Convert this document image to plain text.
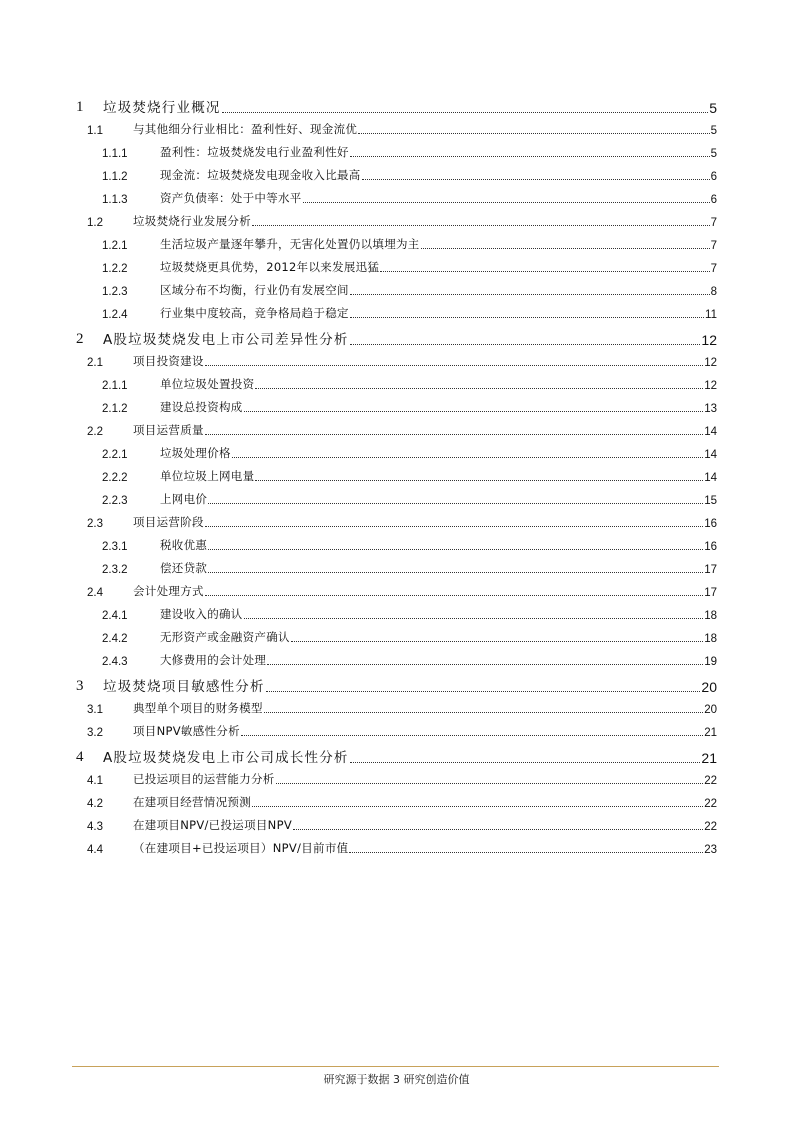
1	垃圾焚烧行业概况	5
1.1	与其他细分行业相比：盈利性好、现金流优	5
1.1.1	盈利性：垃圾焚烧发电行业盈利性好	5
1.1.2	现金流：垃圾焚烧发电现金收入比最高	6
1.1.3	资产负债率：处于中等水平	6
1.2	垃圾焚烧行业发展分析	7
1.2.1	生活垃圾产量逐年攀升，无害化处置仍以填埋为主	7
1.2.2	垃圾焚烧更具优势，2012年以来发展迅猛	7
1.2.3	区域分布不均衡，行业仍有发展空间	8
1.2.4	行业集中度较高，竞争格局趋于稳定	11
2	A股垃圾焚烧发电上市公司差异性分析	12
2.1	项目投资建设	12
2.1.1	单位垃圾处置投资	12
2.1.2	建设总投资构成	13
2.2	项目运营质量	14
2.2.1	垃圾处理价格	14
2.2.2	单位垃圾上网电量	14
2.2.3	上网电价	15
2.3	项目运营阶段	16
2.3.1	税收优惠	16
2.3.2	偿还贷款	17
2.4	会计处理方式	17
2.4.1	建设收入的确认	18
2.4.2	无形资产或金融资产确认	18
2.4.3	大修费用的会计处理	19
3	垃圾焚烧项目敏感性分析	20
3.1	典型单个项目的财务模型	20
3.2	项目NPV敏感性分析	21
4	A股垃圾焚烧发电上市公司成长性分析	21
4.1	已投运项目的运营能力分析	22
4.2	在建项目经营情况预测	22
4.3	在建项目NPV/已投运项目NPV	22
4.4	（在建项目+已投运项目）NPV/目前市值	23
研究源于数据 3 研究创造价值
